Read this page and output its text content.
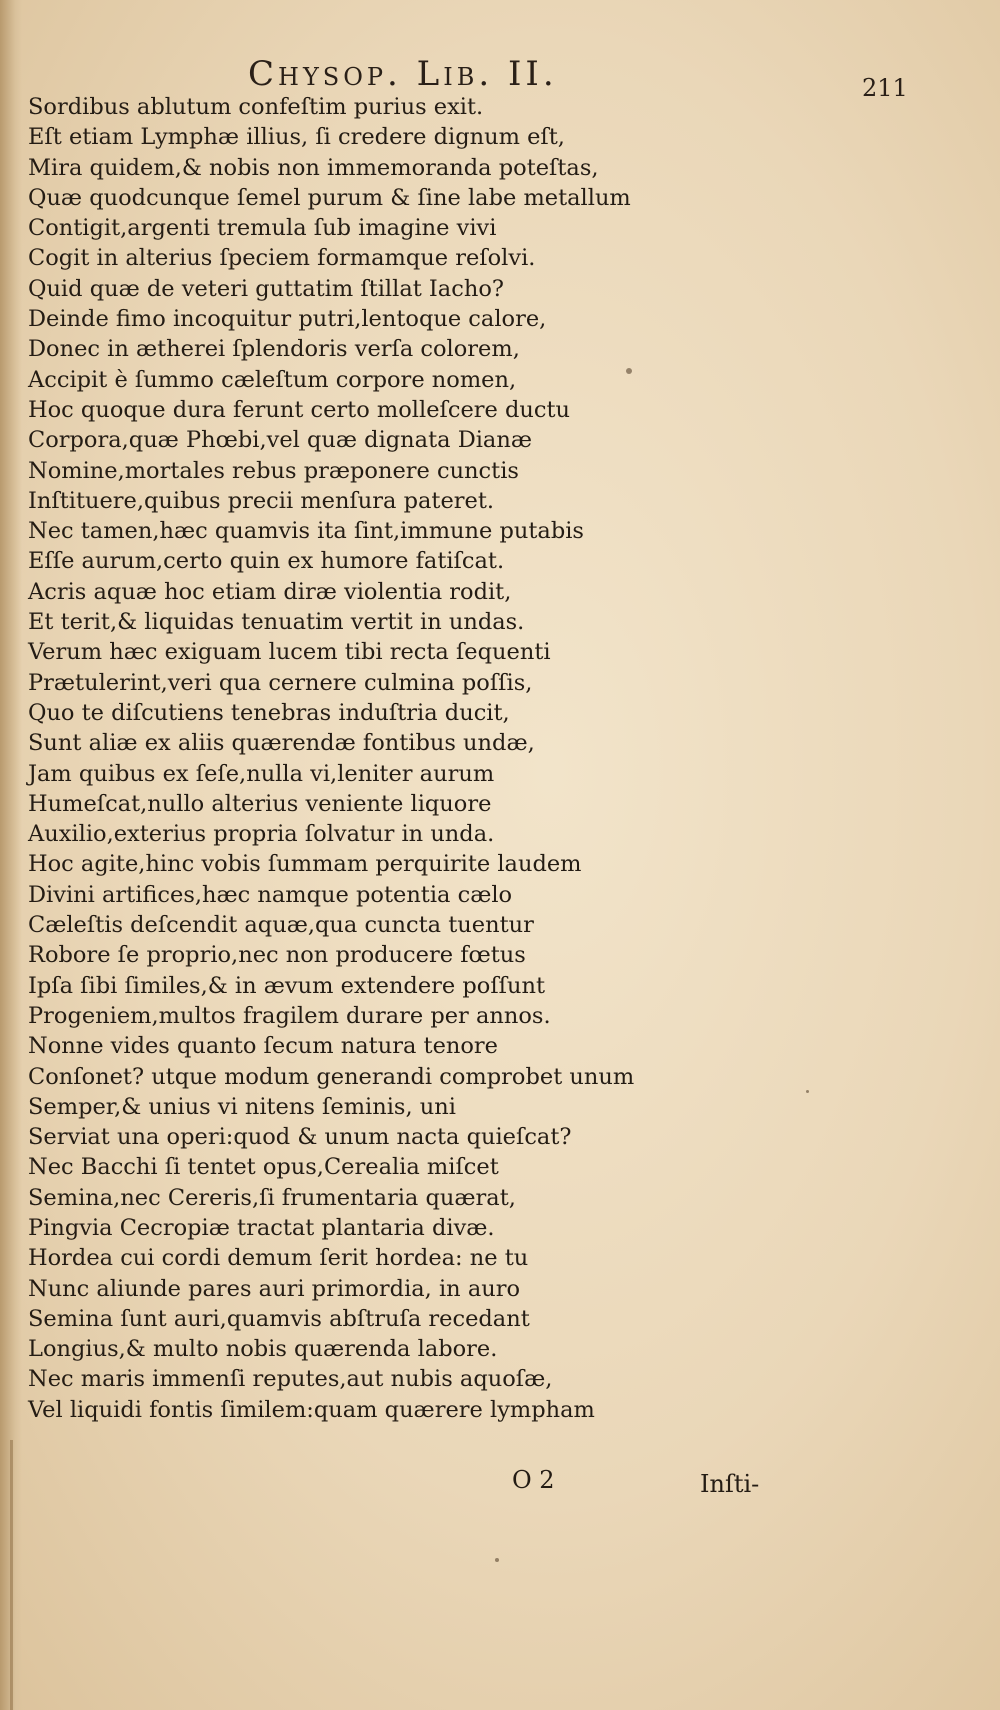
Chysop. Lib. II.	211
Sordibus ablutum confeſtim purius exit.
Eſt etiam Lymphæ illius, ſi credere dignum eſt,
Mira quidem,& nobis non immemoranda poteſtas,
Quæ quodcunque ſemel purum & ſine labe metallum
Contigit,argenti tremula ſub imagine vivi
Cogit in alterius ſpeciem formamque reſolvi.
Quid quæ de veteri guttatim ſtillat Iacho?
Deinde fimo incoquitur putri,lentoque calore,
Donec in ætherei ſplendoris verſa colorem,
Accipit è ſummo cæleſtum corpore nomen,
Hoc quoque dura ferunt certo molleſcere ductu
Corpora,quæ Phœbi,vel quæ dignata Dianæ
Nomine,mortales rebus præponere cunctis
Inſtituere,quibus precii menſura pateret.
Nec tamen,hæc quamvis ita ſint,immune putabis
Eſſe aurum,certo quin ex humore fatiſcat.
Acris aquæ hoc etiam diræ violentia rodit,
Et terit,& liquidas tenuatim vertit in undas.
Verum hæc exiguam lucem tibi recta ſequenti
Prætulerint,veri qua cernere culmina poſſis,
Quo te diſcutiens tenebras induſtria ducit,
Sunt aliæ ex aliis quærendæ fontibus undæ,
Jam quibus ex ſeſe,nulla vi,leniter aurum
Humeſcat,nullo alterius veniente liquore
Auxilio,exterius propria ſolvatur in unda.
Hoc agite,hinc vobis ſummam perquirite laudem
Divini artifices,hæc namque potentia cælo
Cæleſtis deſcendit aquæ,qua cuncta tuentur
Robore ſe proprio,nec non producere fœtus
Ipſa ſibi ſimiles,& in ævum extendere poſſunt
Progeniem,multos fragilem durare per annos.
Nonne vides quanto ſecum natura tenore
Conſonet? utque modum generandi comprobet unum
Semper,& unius vi nitens ſeminis, uni
Serviat una operi:quod & unum nacta quieſcat?
Nec Bacchi ſi tentet opus,Cerealia miſcet
Semina,nec Cereris,ſi frumentaria quærat,
Pingvia Cecropiæ tractat plantaria divæ.
Hordea cui cordi demum ſerit hordea: ne tu
Nunc aliunde pares auri primordia, in auro
Semina ſunt auri,quamvis abſtruſa recedant
Longius,& multo nobis quærenda labore.
Nec maris immenſi reputes,aut nubis aquoſæ,
Vel liquidi fontis ſimilem:quam quærere lympham
O 2	Inſti-
